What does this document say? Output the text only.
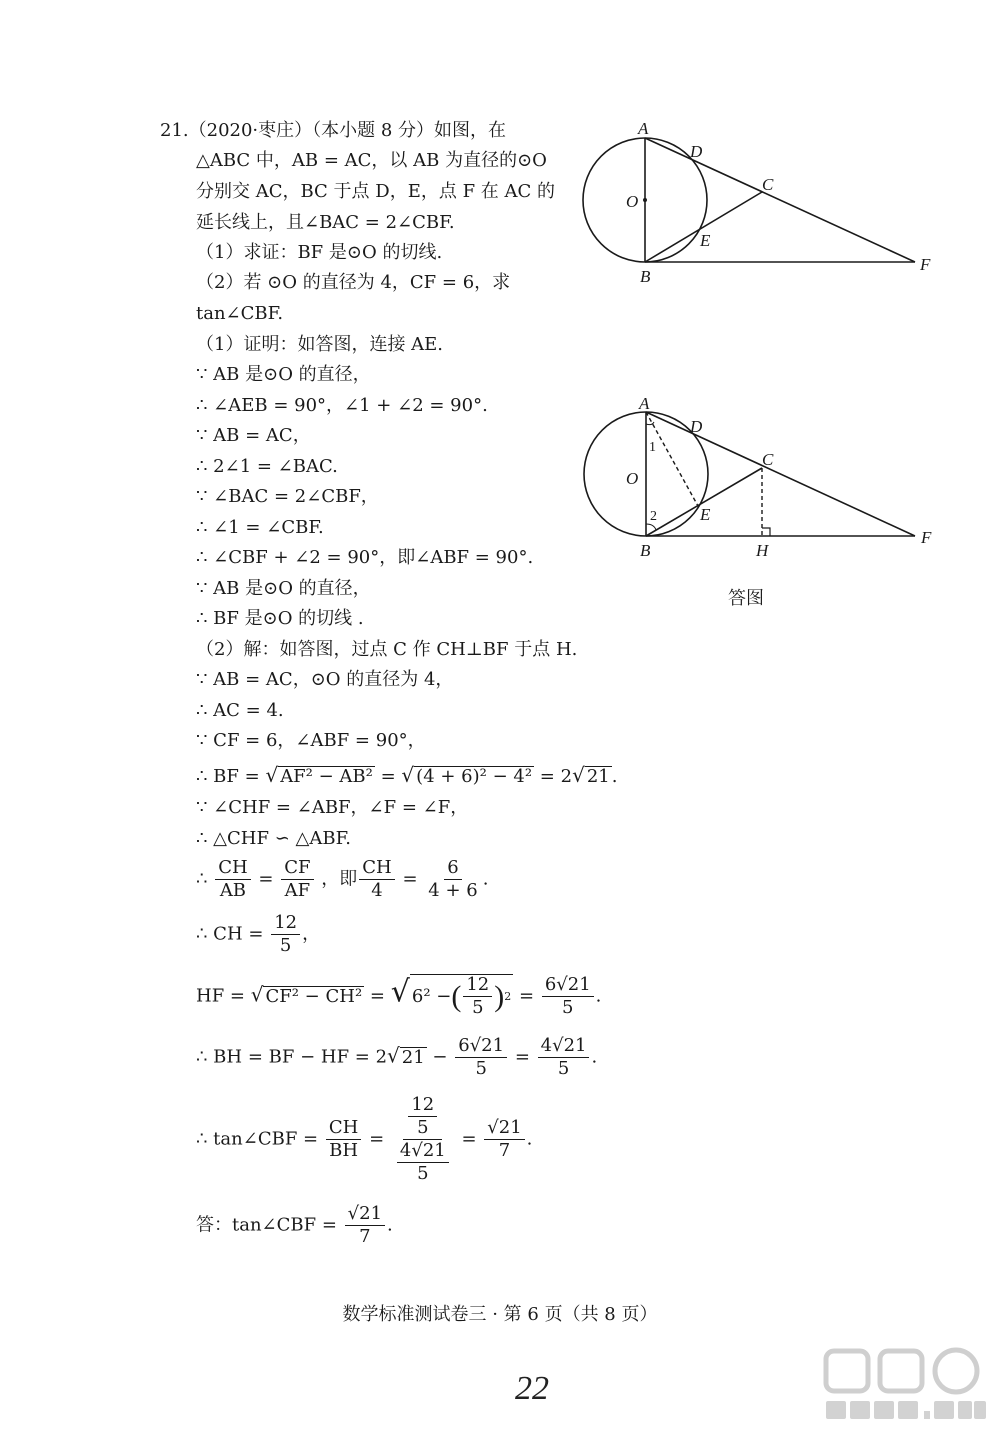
21.（2020·枣庄）（本小题 8 分）如图，在
△ABC 中，AB = AC，以 AB 为直径的⊙O
分别交 AC，BC 于点 D，E，点 F 在 AC 的
延长线上，且∠BAC = 2∠CBF.
（1）求证：BF 是⊙O 的切线.
（2）若 ⊙O 的直径为 4，CF = 6，求
tan∠CBF.
（1）证明：如答图，连接 AE.
∵ AB 是⊙O 的直径，
∴ ∠AEB = 90°，∠1 + ∠2 = 90°.
∵ AB = AC，
∴ 2∠1 = ∠BAC.
∵ ∠BAC = 2∠CBF，
∴ ∠1 = ∠CBF.
∴ ∠CBF + ∠2 = 90°，即∠ABF = 90°.
∵ AB 是⊙O 的直径，
∴ BF 是⊙O 的切线 .
（2）解：如答图，过点 C 作 CH⊥BF 于点 H.
∵ AB = AC，⊙O 的直径为 4，
∴ AC = 4.
∵ CF = 6，∠ABF = 90°，
∴ BF = √ AF² − AB² = √ (4 + 6)² − 4² = 2√ 21 .
∵ ∠CHF = ∠ABF，∠F = ∠F，
∴ △CHF ∽ △ABF.
∴ $\frac{CH}{AB} = \frac{CF}{AF}$ ，即 $\frac{CH}{4} = \frac{6}{4 + 6}$ .
∴ CH = $\frac{12}{5}$ ，
HF = √ CF² − CH² = √ 6² − ( $\frac{12}{5}$ ) $2 = \frac{6√21}{5}$ .
∴ BH = BF − HF = 2√ $21 - \frac{6√21}{5} = \frac{4√21}{5}$ .
∴ tan∠CBF = $\frac{CH}{BH} = \frac{\frac{12}{5}}{\frac{4√21}{5}} = \frac{√21}{7}$ .
答：tan∠CBF = $\frac{√21}{7}$ .
A
D
C
O
E
B
F
A
D
C
O
1
2	E
B	H
F
答图
数学标准测试卷三 · 第 6 页（共 8 页）
22
